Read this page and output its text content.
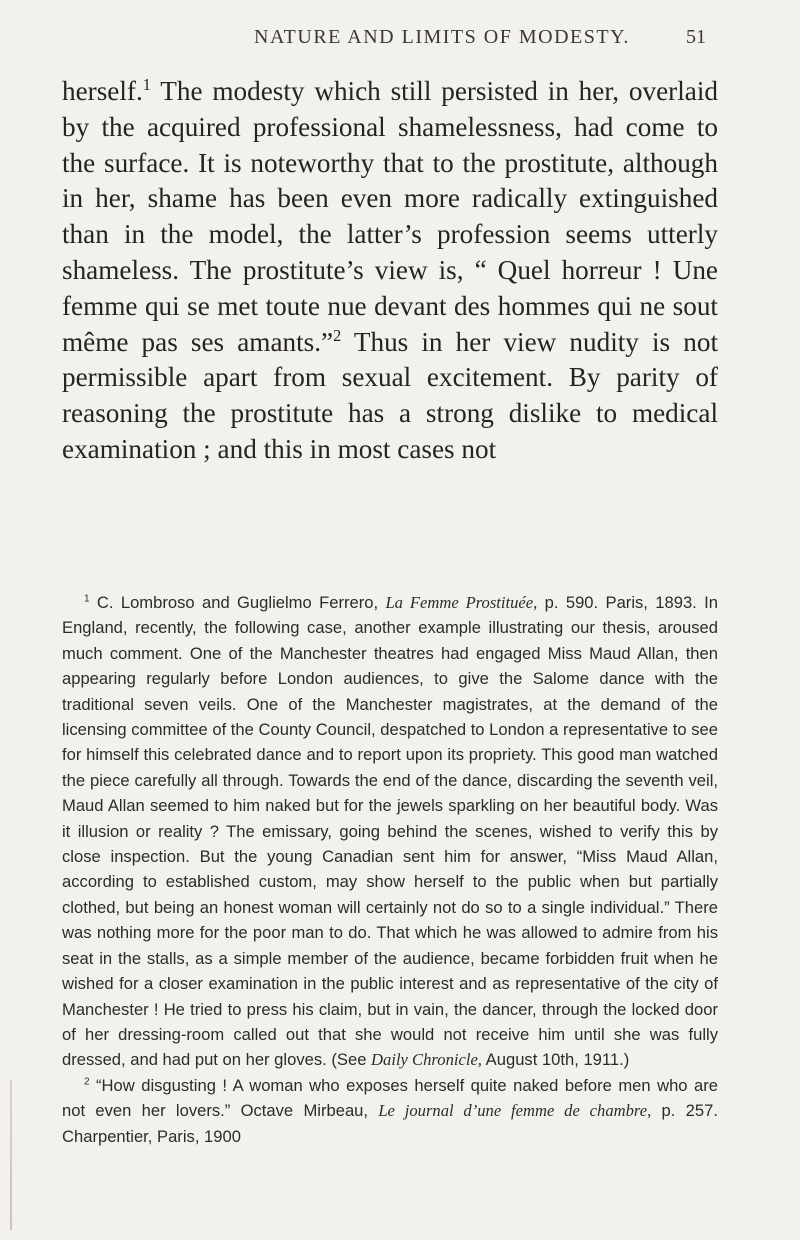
NATURE AND LIMITS OF MODESTY.	51

herself.$^1$ The modesty which still persisted in her, overlaid by the acquired professional shamelessness, had come to the surface. It is noteworthy that to the prostitute, although in her, shame has been even more radically extinguished than in the model, the latter’s profession seems utterly shameless. The prostitute’s view is, “ Quel horreur ! Une femme qui se met toute nue devant des hommes qui ne sout même pas ses amants.”$^2$ Thus in her view nudity is not permissible apart from sexual excitement. By parity of reasoning the prostitute has a strong dislike to medical examination ; and this in most cases not

$^1$ C. Lombroso and Guglielmo Ferrero, La Femme Prostituée, p. 590. Paris, 1893. In England, recently, the following case, another example illustrating our thesis, aroused much comment. One of the Manchester theatres had engaged Miss Maud Allan, then appearing regularly before London audiences, to give the Salome dance with the traditional seven veils. One of the Manchester magistrates, at the demand of the licensing committee of the County Council, despatched to London a representative to see for himself this celebrated dance and to report upon its propriety. This good man watched the piece carefully all through. Towards the end of the dance, discarding the seventh veil, Maud Allan seemed to him naked but for the jewels sparkling on her beautiful body. Was it illusion or reality ? The emissary, going behind the scenes, wished to verify this by close inspection. But the young Canadian sent him for answer, “Miss Maud Allan, according to established custom, may show herself to the public when but partially clothed, but being an honest woman will certainly not do so to a single individual.” There was nothing more for the poor man to do. That which he was allowed to admire from his seat in the stalls, as a simple member of the audience, became forbidden fruit when he wished for a closer examination in the public interest and as representative of the city of Manchester ! He tried to press his claim, but in vain, the dancer, through the locked door of her dressing-room called out that she would not receive him until she was fully dressed, and had put on her gloves. (See Daily Chronicle, August 10th, 1911.)

$^2$ “How disgusting ! A woman who exposes herself quite naked before men who are not even her lovers.” Octave Mirbeau, Le journal d’une femme de chambre, p. 257. Charpentier, Paris, 1900
